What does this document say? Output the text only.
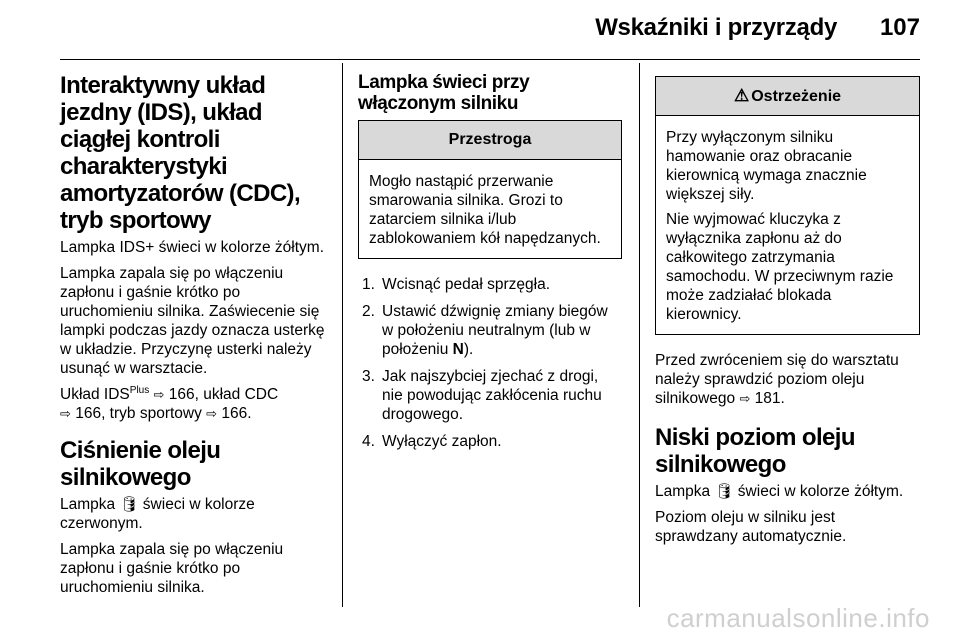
Wskaźniki i przyrządy 107
Interaktywny układ jezdny (IDS), układ ciągłej kontroli charakterystyki amortyzatorów (CDC), tryb sportowy
Lampka IDS+ świeci w kolorze żółtym.
Lampka zapala się po włączeniu zapłonu i gaśnie krótko po uruchomieniu silnika. Zaświecenie się lampki podczas jazdy oznacza usterkę w układzie. Przyczynę usterki należy usunąć w warsztacie.
Układ $IDS^{Plus}$ ⇨ 166, układ CDC
⇨ 166, tryb sportowy ⇨ 166.
Ciśnienie oleju silnikowego
Lampka 🛢 świeci w kolorze czerwonym.
Lampka zapala się po włączeniu zapłonu i gaśnie krótko po uruchomieniu silnika.
Lampka świeci przy włączonym silniku
Przestroga
Mogło nastąpić przerwanie smarowania silnika. Grozi to zatarciem silnika i/lub zablokowaniem kół napędzanych.
1. Wcisnąć pedał sprzęgła.
2. Ustawić dźwignię zmiany biegów w położeniu neutralnym (lub w położeniu N).
3. Jak najszybciej zjechać z drogi, nie powodując zakłócenia ruchu drogowego.
4. Wyłączyć zapłon.
⚠ Ostrzeżenie
Przy wyłączonym silniku hamowanie oraz obracanie kierownicą wymaga znacznie większej siły.
Nie wyjmować kluczyka z wyłącznika zapłonu aż do całkowitego zatrzymania samochodu. W przeciwnym razie może zadziałać blokada kierownicy.
Przed zwróceniem się do warsztatu należy sprawdzić poziom oleju silnikowego ⇨ 181.
Niski poziom oleju silnikowego
Lampka 🛢 świeci w kolorze żółtym.
Poziom oleju w silniku jest sprawdzany automatycznie.
carmanualsonline.info
